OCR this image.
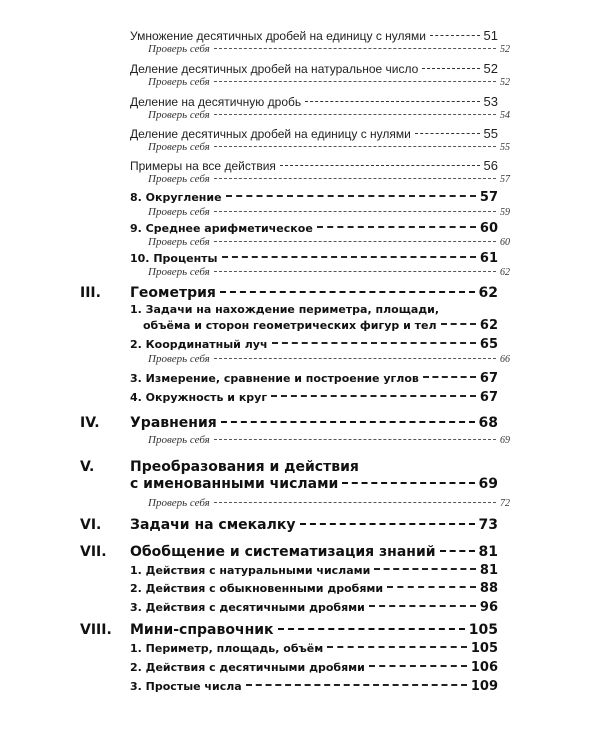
Умножение десятичных дробей на единицу с нулями	51
Проверь себя	52
Деление десятичных дробей на натуральное число	52
Проверь себя	52
Деление на десятичную дробь	53
Проверь себя	54
Деление десятичных дробей на единицу с нулями	55
Проверь себя	55
Примеры на все действия	56
Проверь себя	57
8. Округление	57
Проверь себя	59
9. Среднее арифметическое	60
Проверь себя	60
10. Проценты	61
Проверь себя	62
III. Геометрия	62
1. Задачи на нахождение периметра, площади,
объёма и сторон геометрических фигур и тел	62
2. Координатный луч	65
Проверь себя	66
3. Измерение, сравнение и построение углов	67
4. Окружность и круг	67
IV. Уравнения	68
Проверь себя	69
V.	Преобразования и действия
с именованными числами	69
Проверь себя	72
VI. Задачи на смекалку	73
VII. Обобщение и систематизация знаний	81
1. Действия с натуральными числами	81
2. Действия с обыкновенными дробями	88
3. Действия с десятичными дробями	96
VIII. Мини-справочник	105
1. Периметр, площадь, объём	105
2. Действия с десятичными дробями	106
3. Простые числа	109
